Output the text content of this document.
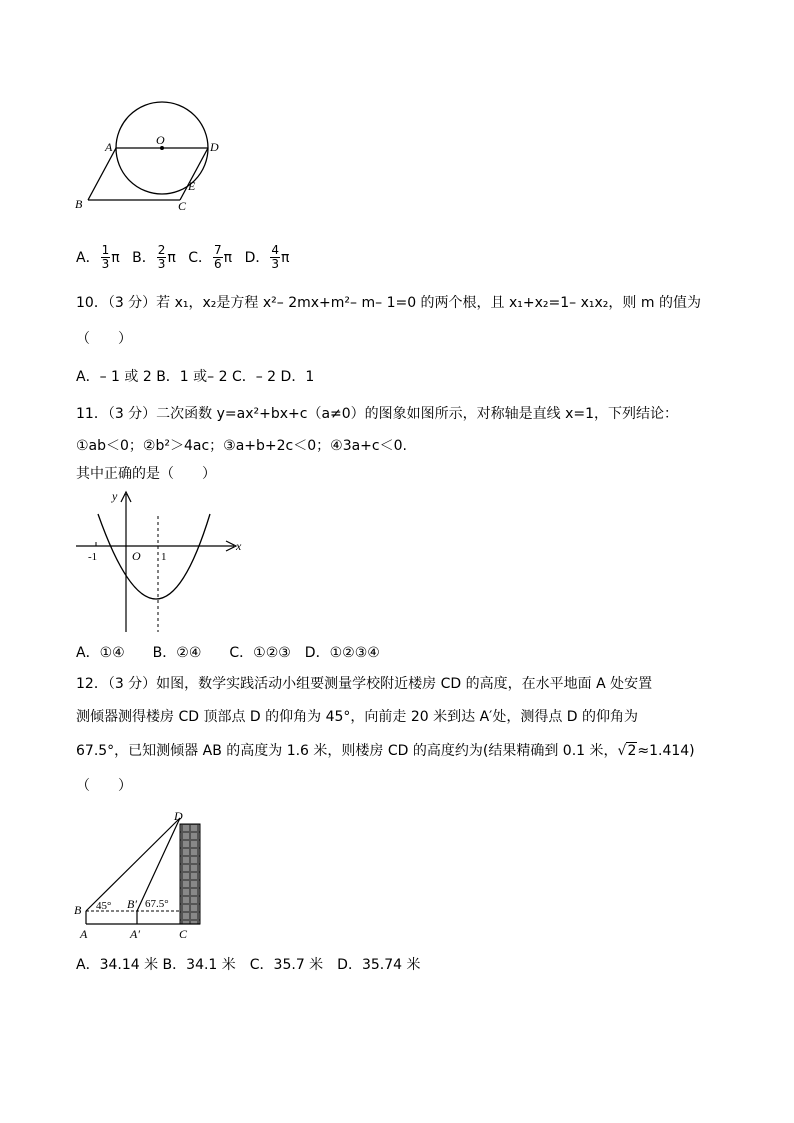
A	O	D
B	C
E
A． $\frac{1}{3}$ π
B． $\frac{2}{3}$ π
C． $\frac{7}{6}$ π
D． $\frac{4}{3}$ π
10．（3 分）若 x₁，x₂是方程 x²– 2mx+m²– m– 1=0 的两个根，且 x₁+x₂=1– x₁x₂，则 m 的值为
（　　）
A．– 1 或 2 B．1 或– 2 C．– 2 D．1
11．（3 分）二次函数 y=ax²+bx+c（a≠0）的图象如图所示，对称轴是直线 x=1，下列结论：
①ab＜0；②b²＞4ac；③a+b+2c＜0；④3a+c＜0.
其中正确的是（　　）
y
x
-1	O 1
A．①④　　B．②④　　C．①②③　D．①②③④
12．（3 分）如图，数学实践活动小组要测量学校附近楼房 CD 的高度，在水平地面 A 处安置
测倾器测得楼房 CD 顶部点 D 的仰角为 45°，向前走 20 米到达 A′处，测得点 D 的仰角为
67.5°，已知测倾器 AB 的高度为 1.6 米，则楼房 CD 的高度约为(结果精确到 0.1 米，√2≈1.414)
（　　）
D
B	B′
A	A′	C
45°	67.5°
A．34.14 米 B．34.1 米　C．35.7 米　D．35.74 米
